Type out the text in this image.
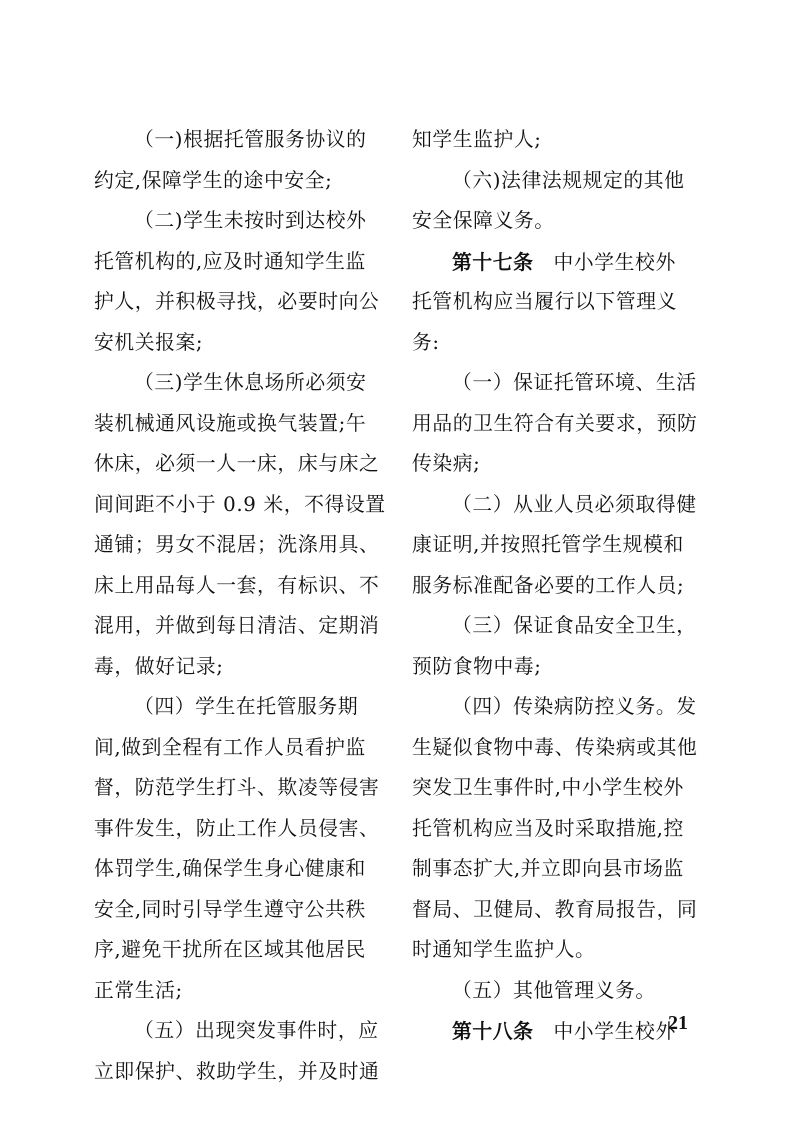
（一)根据托管服务协议的
约定,保障学生的途中安全;
（二)学生未按时到达校外
托管机构的,应及时通知学生监
护人，并积极寻找，必要时向公
安机关报案;
（三)学生休息场所必须安
装机械通风设施或换气装置;午
休床，必须一人一床，床与床之
间间距不小于 0.9 米，不得设置
通铺；男女不混居；洗涤用具、
床上用品每人一套，有标识、不
混用，并做到每日清洁、定期消
毒，做好记录;
（四）学生在托管服务期
间,做到全程有工作人员看护监
督，防范学生打斗、欺凌等侵害
事件发生，防止工作人员侵害、
体罚学生,确保学生身心健康和
安全,同时引导学生遵守公共秩
序,避免干扰所在区域其他居民
正常生活;
（五）出现突发事件时，应
立即保护、救助学生，并及时通
知学生监护人;
（六)法律法规规定的其他
安全保障义务。
第十七条 中小学生校外
托管机构应当履行以下管理义
务:
（一）保证托管环境、生活
用品的卫生符合有关要求，预防
传染病;
（二）从业人员必须取得健
康证明,并按照托管学生规模和
服务标准配备必要的工作人员;
（三）保证食品安全卫生，
预防食物中毒;
（四）传染病防控义务。发
生疑似食物中毒、传染病或其他
突发卫生事件时,中小学生校外
托管机构应当及时采取措施,控
制事态扩大,并立即向县市场监
督局、卫健局、教育局报告，同
时通知学生监护人。
（五）其他管理义务。
第十八条 中小学生校外
21
